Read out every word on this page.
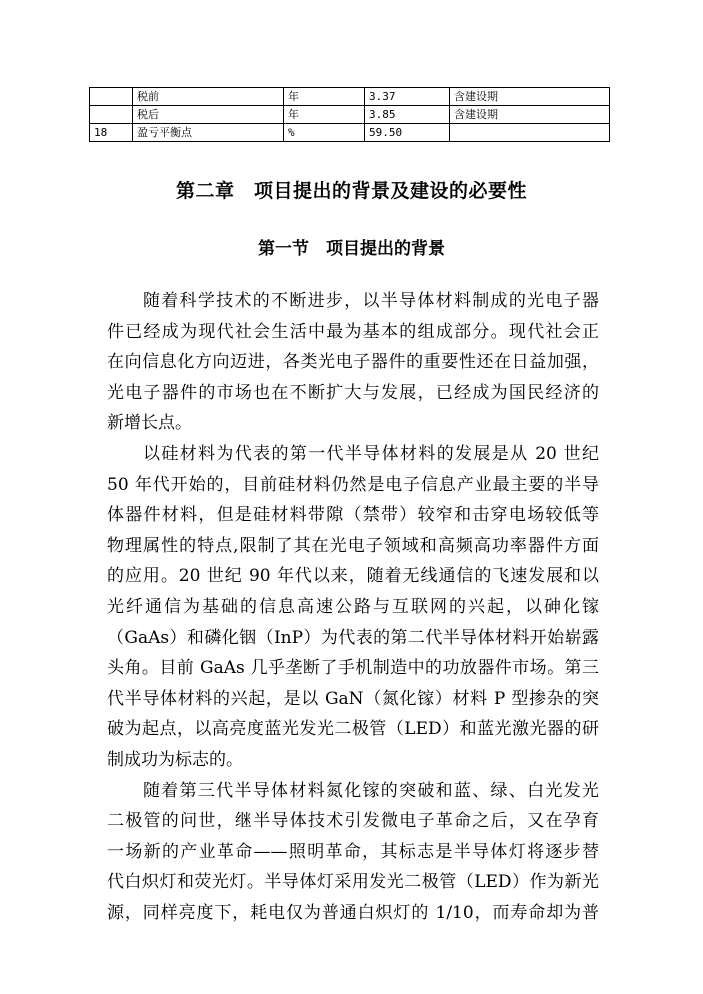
	税前	年	3.37	含建设期
	税后	年	3.85	含建设期
18	盈亏平衡点	%	59.50	
第二章　项目提出的背景及建设的必要性
第一节　项目提出的背景

随着科学技术的不断进步，以半导体材料制成的光电子器
件已经成为现代社会生活中最为基本的组成部分。现代社会正
在向信息化方向迈进，各类光电子器件的重要性还在日益加强，
光电子器件的市场也在不断扩大与发展，已经成为国民经济的
新增长点。

以硅材料为代表的第一代半导体材料的发展是从 20 世纪
50 年代开始的，目前硅材料仍然是电子信息产业最主要的半导
体器件材料，但是硅材料带隙（禁带）较窄和击穿电场较低等
物理属性的特点,限制了其在光电子领域和高频高功率器件方面
的应用。20 世纪 90 年代以来，随着无线通信的飞速发展和以
光纤通信为基础的信息高速公路与互联网的兴起，以砷化镓
（GaAs）和磷化铟（InP）为代表的第二代半导体材料开始崭露
头角。目前 GaAs 几乎垄断了手机制造中的功放器件市场。第三
代半导体材料的兴起，是以 GaN（氮化镓）材料 P 型掺杂的突
破为起点，以高亮度蓝光发光二极管（LED）和蓝光激光器的研
制成功为标志的。

随着第三代半导体材料氮化镓的突破和蓝、绿、白光发光
二极管的问世，继半导体技术引发微电子革命之后，又在孕育
一场新的产业革命——照明革命，其标志是半导体灯将逐步替
代白炽灯和荧光灯。半导体灯采用发光二极管（LED）作为新光
源，同样亮度下，耗电仅为普通白炽灯的 1/10，而寿命却为普
